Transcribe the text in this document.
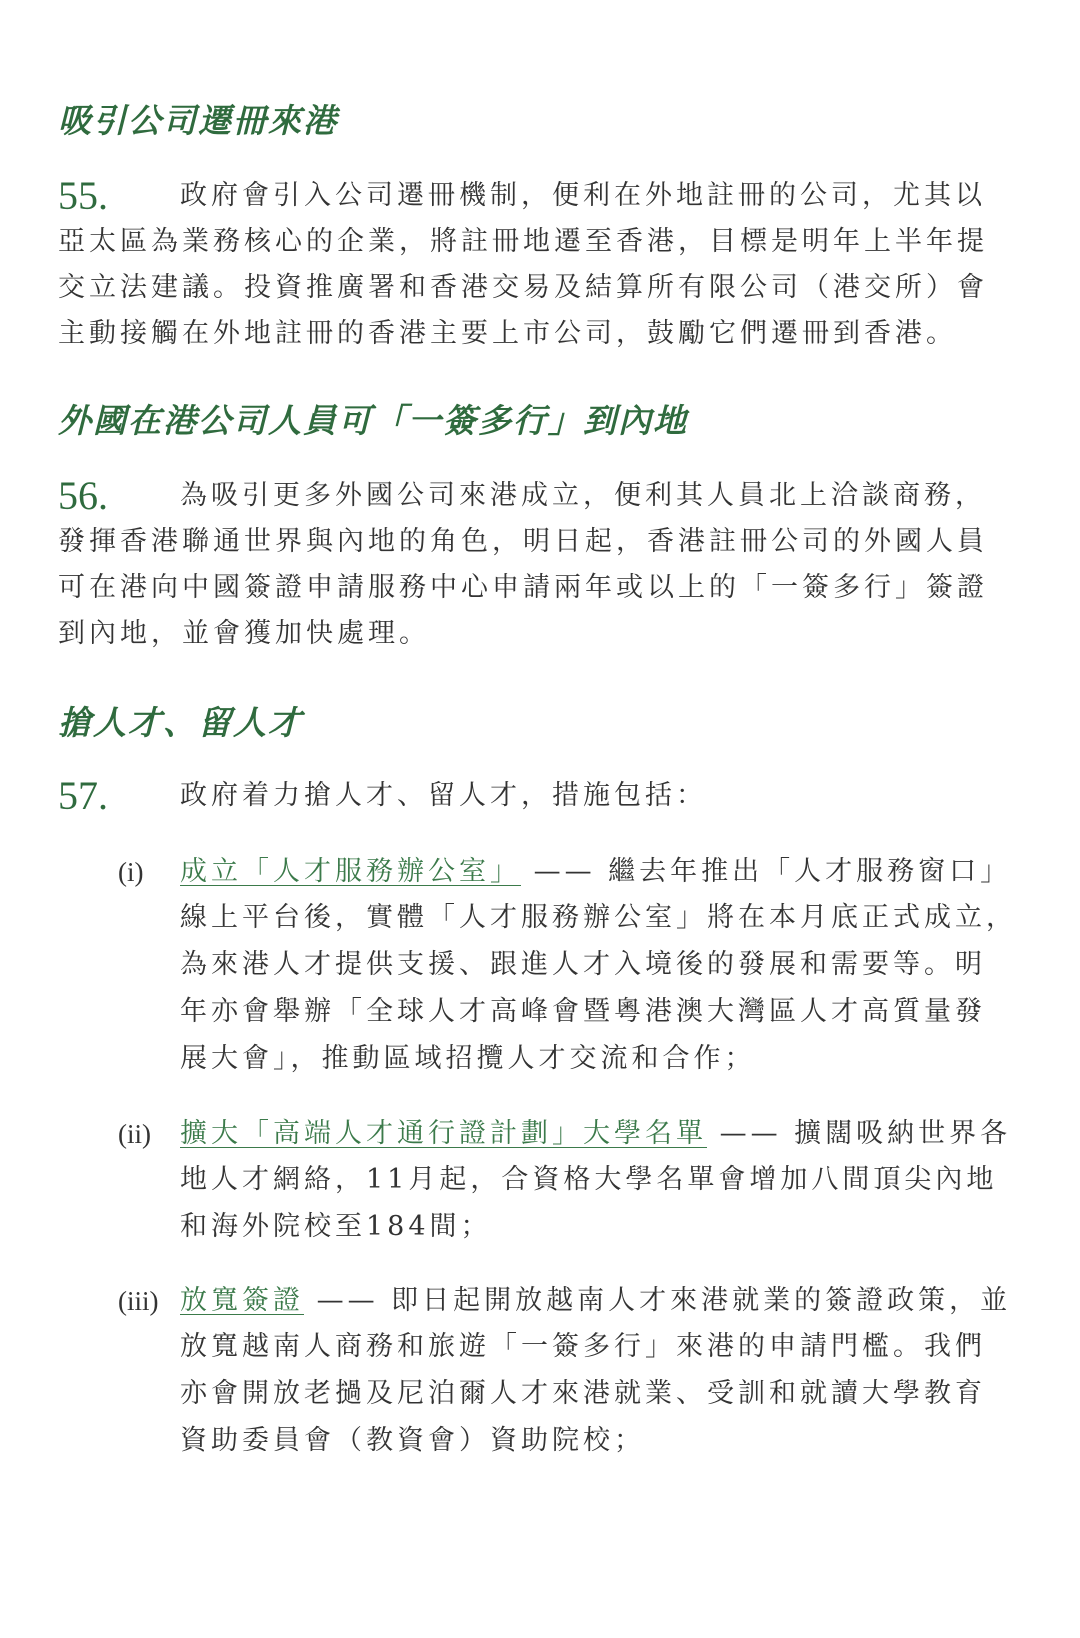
吸引公司遷冊來港
55.	政府會引入公司遷冊機制，便利在外地註冊的公司，尤其以
亞太區為業務核心的企業，將註冊地遷至香港，目標是明年上半年提
交立法建議。投資推廣署和香港交易及結算所有限公司（港交所）會
主動接觸在外地註冊的香港主要上市公司，鼓勵它們遷冊到香港。
外國在港公司人員可「一簽多行」到內地
56.	為吸引更多外國公司來港成立，便利其人員北上洽談商務，
發揮香港聯通世界與內地的角色，明日起，香港註冊公司的外國人員
可在港向中國簽證申請服務中心申請兩年或以上的「一簽多行」簽證
到內地，並會獲加快處理。
搶人才、留人才
57.	政府着力搶人才、留人才，措施包括：
(i) 成立「人才服務辦公室」 —— 繼去年推出「人才服務窗口」
線上平台後，實體「人才服務辦公室」將在本月底正式成立，
為來港人才提供支援、跟進人才入境後的發展和需要等。明
年亦會舉辦「全球人才高峰會暨粵港澳大灣區人才高質量發
展大會」，推動區域招攬人才交流和合作；
(ii) 擴大「高端人才通行證計劃」大學名單 —— 擴闊吸納世界各
地人才網絡，11月起，合資格大學名單會增加八間頂尖內地
和海外院校至184間；
(iii) 放寬簽證 —— 即日起開放越南人才來港就業的簽證政策，並
放寬越南人商務和旅遊「一簽多行」來港的申請門檻。我們
亦會開放老撾及尼泊爾人才來港就業、受訓和就讀大學教育
資助委員會（教資會）資助院校；
